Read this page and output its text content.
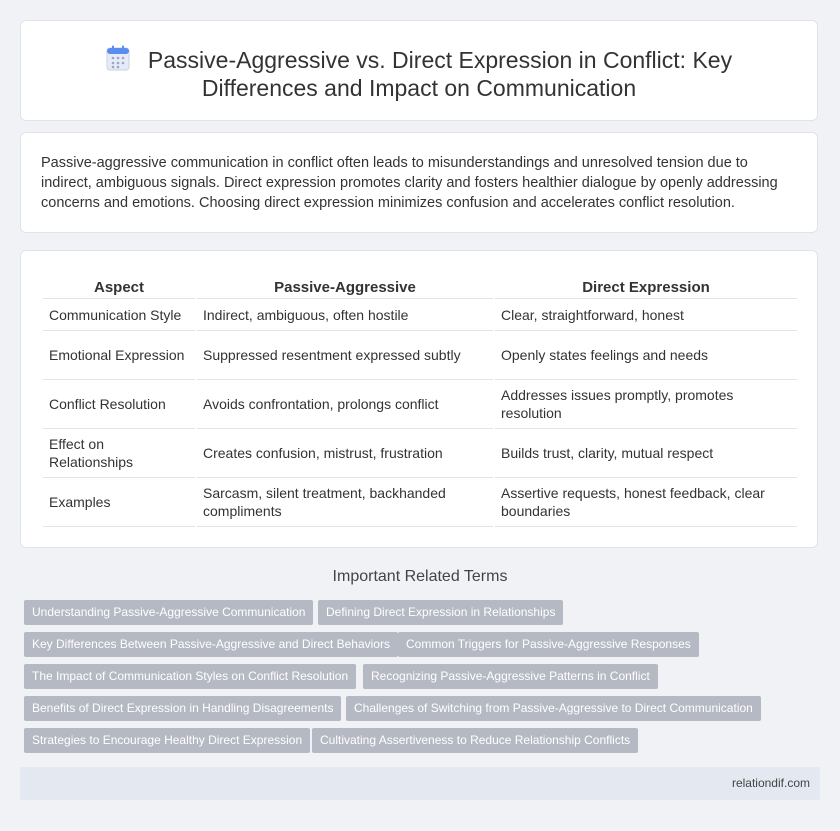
Passive-Aggressive vs. Direct Expression in Conflict: Key
Differences and Impact on Communication
Passive-aggressive communication in conflict often leads to misunderstandings and unresolved tension due to indirect, ambiguous signals. Direct expression promotes clarity and fosters healthier dialogue by openly addressing concerns and emotions. Choosing direct expression minimizes confusion and accelerates conflict resolution.
Aspect	Passive-Aggressive	Direct Expression
Communication Style	Indirect, ambiguous, often hostile	Clear, straightforward, honest
Emotional Expression	Suppressed resentment expressed subtly	Openly states feelings and needs
Conflict Resolution	Avoids confrontation, prolongs conflict	Addresses issues promptly, promotes resolution
Effect on Relationships	Creates confusion, mistrust, frustration	Builds trust, clarity, mutual respect
Examples	Sarcasm, silent treatment, backhanded compliments	Assertive requests, honest feedback, clear boundaries
Important Related Terms
Understanding Passive-Aggressive Communication	Defining Direct Expression in Relationships
Key Differences Between Passive-Aggressive and Direct Behaviors	Common Triggers for Passive-Aggressive Responses
The Impact of Communication Styles on Conflict Resolution	Recognizing Passive-Aggressive Patterns in Conflict
Benefits of Direct Expression in Handling Disagreements	Challenges of Switching from Passive-Aggressive to Direct Communication
Strategies to Encourage Healthy Direct Expression	Cultivating Assertiveness to Reduce Relationship Conflicts
relationdif.com
